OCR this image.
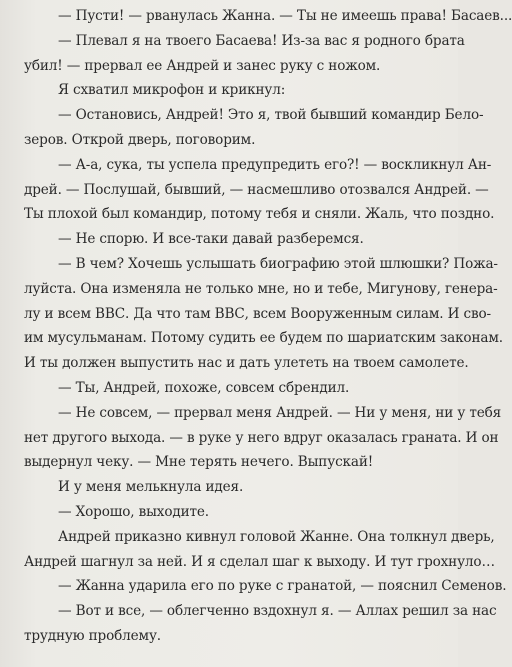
— Пусти! — рванулась Жанна. — Ты не имеешь права! Басаев...
— Плевал я на твоего Басаева! Из-за вас я родного брата
убил! — прервал ее Андрей и занес руку с ножом.
Я схватил микрофон и крикнул:
— Остановись, Андрей! Это я, твой бывший командир Бело-
зеров. Открой дверь, поговорим.
— А-а, сука, ты успела предупредить его?! — воскликнул Ан-
дрей. — Послушай, бывший, — насмешливо отозвался Андрей. —
Ты плохой был командир, потому тебя и сняли. Жаль, что поздно.
— Не спорю. И все-таки давай разберемся.
— В чем? Хочешь услышать биографию этой шлюшки? Пожа-
луйста. Она изменяла не только мне, но и тебе, Мигунову, генера-
лу и всем ВВС. Да что там ВВС, всем Вооруженным силам. И сво-
им мусульманам. Потому судить ее будем по шариатским законам.
И ты должен выпустить нас и дать улететь на твоем самолете.
— Ты, Андрей, похоже, совсем сбрендил.
— Не совсем, — прервал меня Андрей. — Ни у меня, ни у тебя
нет другого выхода. — в руке у него вдруг оказалась граната. И он
выдернул чеку. — Мне терять нечего. Выпускай!
И у меня мелькнула идея.
— Хорошо, выходите.
Андрей приказно кивнул головой Жанне. Она толкнул дверь,
Андрей шагнул за ней. И я сделал шаг к выходу. И тут грохнуло…
— Жанна ударила его по руке с гранатой, — пояснил Семенов.
— Вот и все, — облегченно вздохнул я. — Аллах решил за нас
трудную проблему.
